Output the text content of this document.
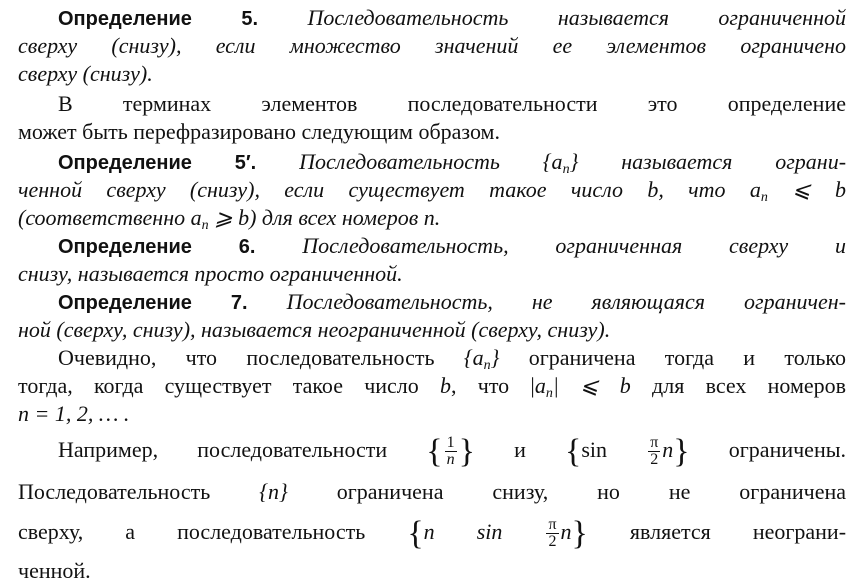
Определение 5. Последовательность называется ограниченной
сверху (снизу), если множество значений ее элементов ограничено
сверху (снизу).
В терминах элементов последовательности это определение
может быть перефразировано следующим образом.
Определение 5′. Последовательность $\{a_n\}$ называется ограни-
ченной сверху (снизу), если существует такое число b, что $a_n$ ⩽ b
(соответственно $a_n$ ⩾ b) для всех номеров n.
Определение 6. Последовательность, ограниченная сверху и
снизу, называется просто ограниченной.
Определение 7. Последовательность, не являющаяся ограничен-
ной (сверху, снизу), называется неограниченной (сверху, снизу).
Очевидно, что последовательность $\{a_n\}$ ограничена тогда и только
тогда, когда существует такое число b, что $|a_n|$ ⩽ b для всех номеров
n = 1, 2, … .
Например, последовательности { $\frac{1}{n}$ } и {sin	$\frac{\pi}{2} n$} ограничены.
Последовательность {n} ограничена снизу, но не ограничена
сверху, а последовательность {n sin	$\frac{\pi}{2} n$} является неограни-
ченной.
